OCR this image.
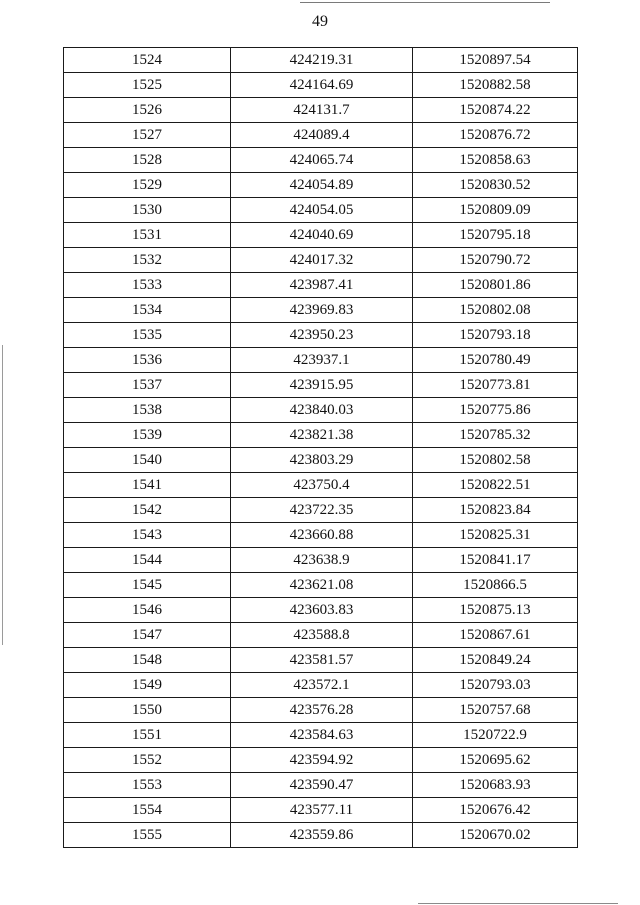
49
1524	424219.31	1520897.54
1525	424164.69	1520882.58
1526	424131.7	1520874.22
1527	424089.4	1520876.72
1528	424065.74	1520858.63
1529	424054.89	1520830.52
1530	424054.05	1520809.09
1531	424040.69	1520795.18
1532	424017.32	1520790.72
1533	423987.41	1520801.86
1534	423969.83	1520802.08
1535	423950.23	1520793.18
1536	423937.1	1520780.49
1537	423915.95	1520773.81
1538	423840.03	1520775.86
1539	423821.38	1520785.32
1540	423803.29	1520802.58
1541	423750.4	1520822.51
1542	423722.35	1520823.84
1543	423660.88	1520825.31
1544	423638.9	1520841.17
1545	423621.08	1520866.5
1546	423603.83	1520875.13
1547	423588.8	1520867.61
1548	423581.57	1520849.24
1549	423572.1	1520793.03
1550	423576.28	1520757.68
1551	423584.63	1520722.9
1552	423594.92	1520695.62
1553	423590.47	1520683.93
1554	423577.11	1520676.42
1555	423559.86	1520670.02
